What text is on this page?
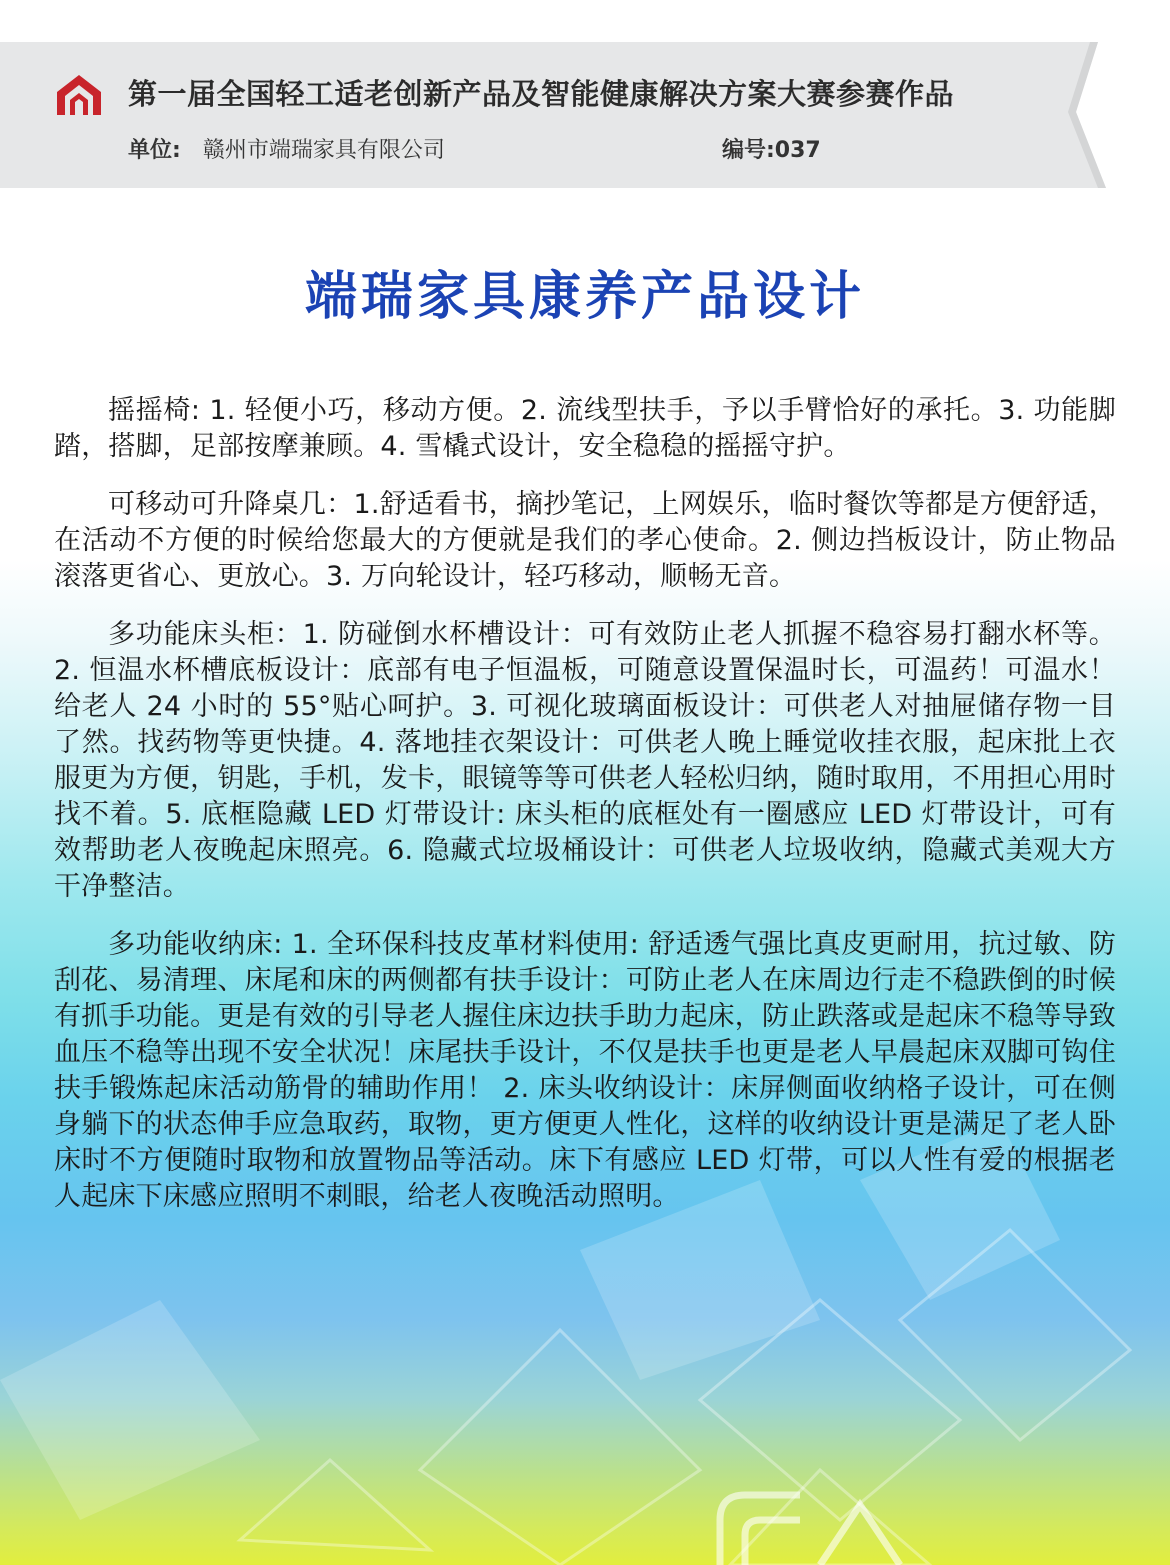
第一届全国轻工适老创新产品及智能健康解决方案大赛参赛作品
单位: 赣州市端瑞家具有限公司	编号:037
端瑞家具康养产品设计

摇摇椅: 1. 轻便小巧，移动方便。2. 流线型扶手，予以手臂恰好的承托。3. 功能脚踏，搭脚，足部按摩兼顾。4. 雪橇式设计，安全稳稳的摇摇守护。

可移动可升降桌几：1.舒适看书，摘抄笔记，上网娱乐，临时餐饮等都是方便舒适，在活动不方便的时候给您最大的方便就是我们的孝心使命。2. 侧边挡板设计，防止物品滚落更省心、更放心。3. 万向轮设计，轻巧移动，顺畅无音。

多功能床头柜：1. 防碰倒水杯槽设计：可有效防止老人抓握不稳容易打翻水杯等。2. 恒温水杯槽底板设计：底部有电子恒温板，可随意设置保温时长，可温药！可温水！给老人 24 小时的 55°贴心呵护。3. 可视化玻璃面板设计：可供老人对抽屉储存物一目了然。找药物等更快捷。4. 落地挂衣架设计：可供老人晚上睡觉收挂衣服，起床批上衣服更为方便，钥匙，手机，发卡，眼镜等等可供老人轻松归纳，随时取用，不用担心用时找不着。5. 底框隐藏 LED 灯带设计: 床头柜的底框处有一圈感应 LED 灯带设计，可有效帮助老人夜晚起床照亮。6. 隐藏式垃圾桶设计：可供老人垃圾收纳，隐藏式美观大方干净整洁。

多功能收纳床: 1. 全环保科技皮革材料使用: 舒适透气强比真皮更耐用，抗过敏、防刮花、易清理、床尾和床的两侧都有扶手设计：可防止老人在床周边行走不稳跌倒的时候有抓手功能。更是有效的引导老人握住床边扶手助力起床，防止跌落或是起床不稳等导致血压不稳等出现不安全状况！床尾扶手设计，不仅是扶手也更是老人早晨起床双脚可钩住扶手锻炼起床活动筋骨的辅助作用！ 2. 床头收纳设计：床屏侧面收纳格子设计，可在侧身躺下的状态伸手应急取药，取物，更方便更人性化，这样的收纳设计更是满足了老人卧床时不方便随时取物和放置物品等活动。床下有感应 LED 灯带，可以人性有爱的根据老人起床下床感应照明不刺眼，给老人夜晚活动照明。
